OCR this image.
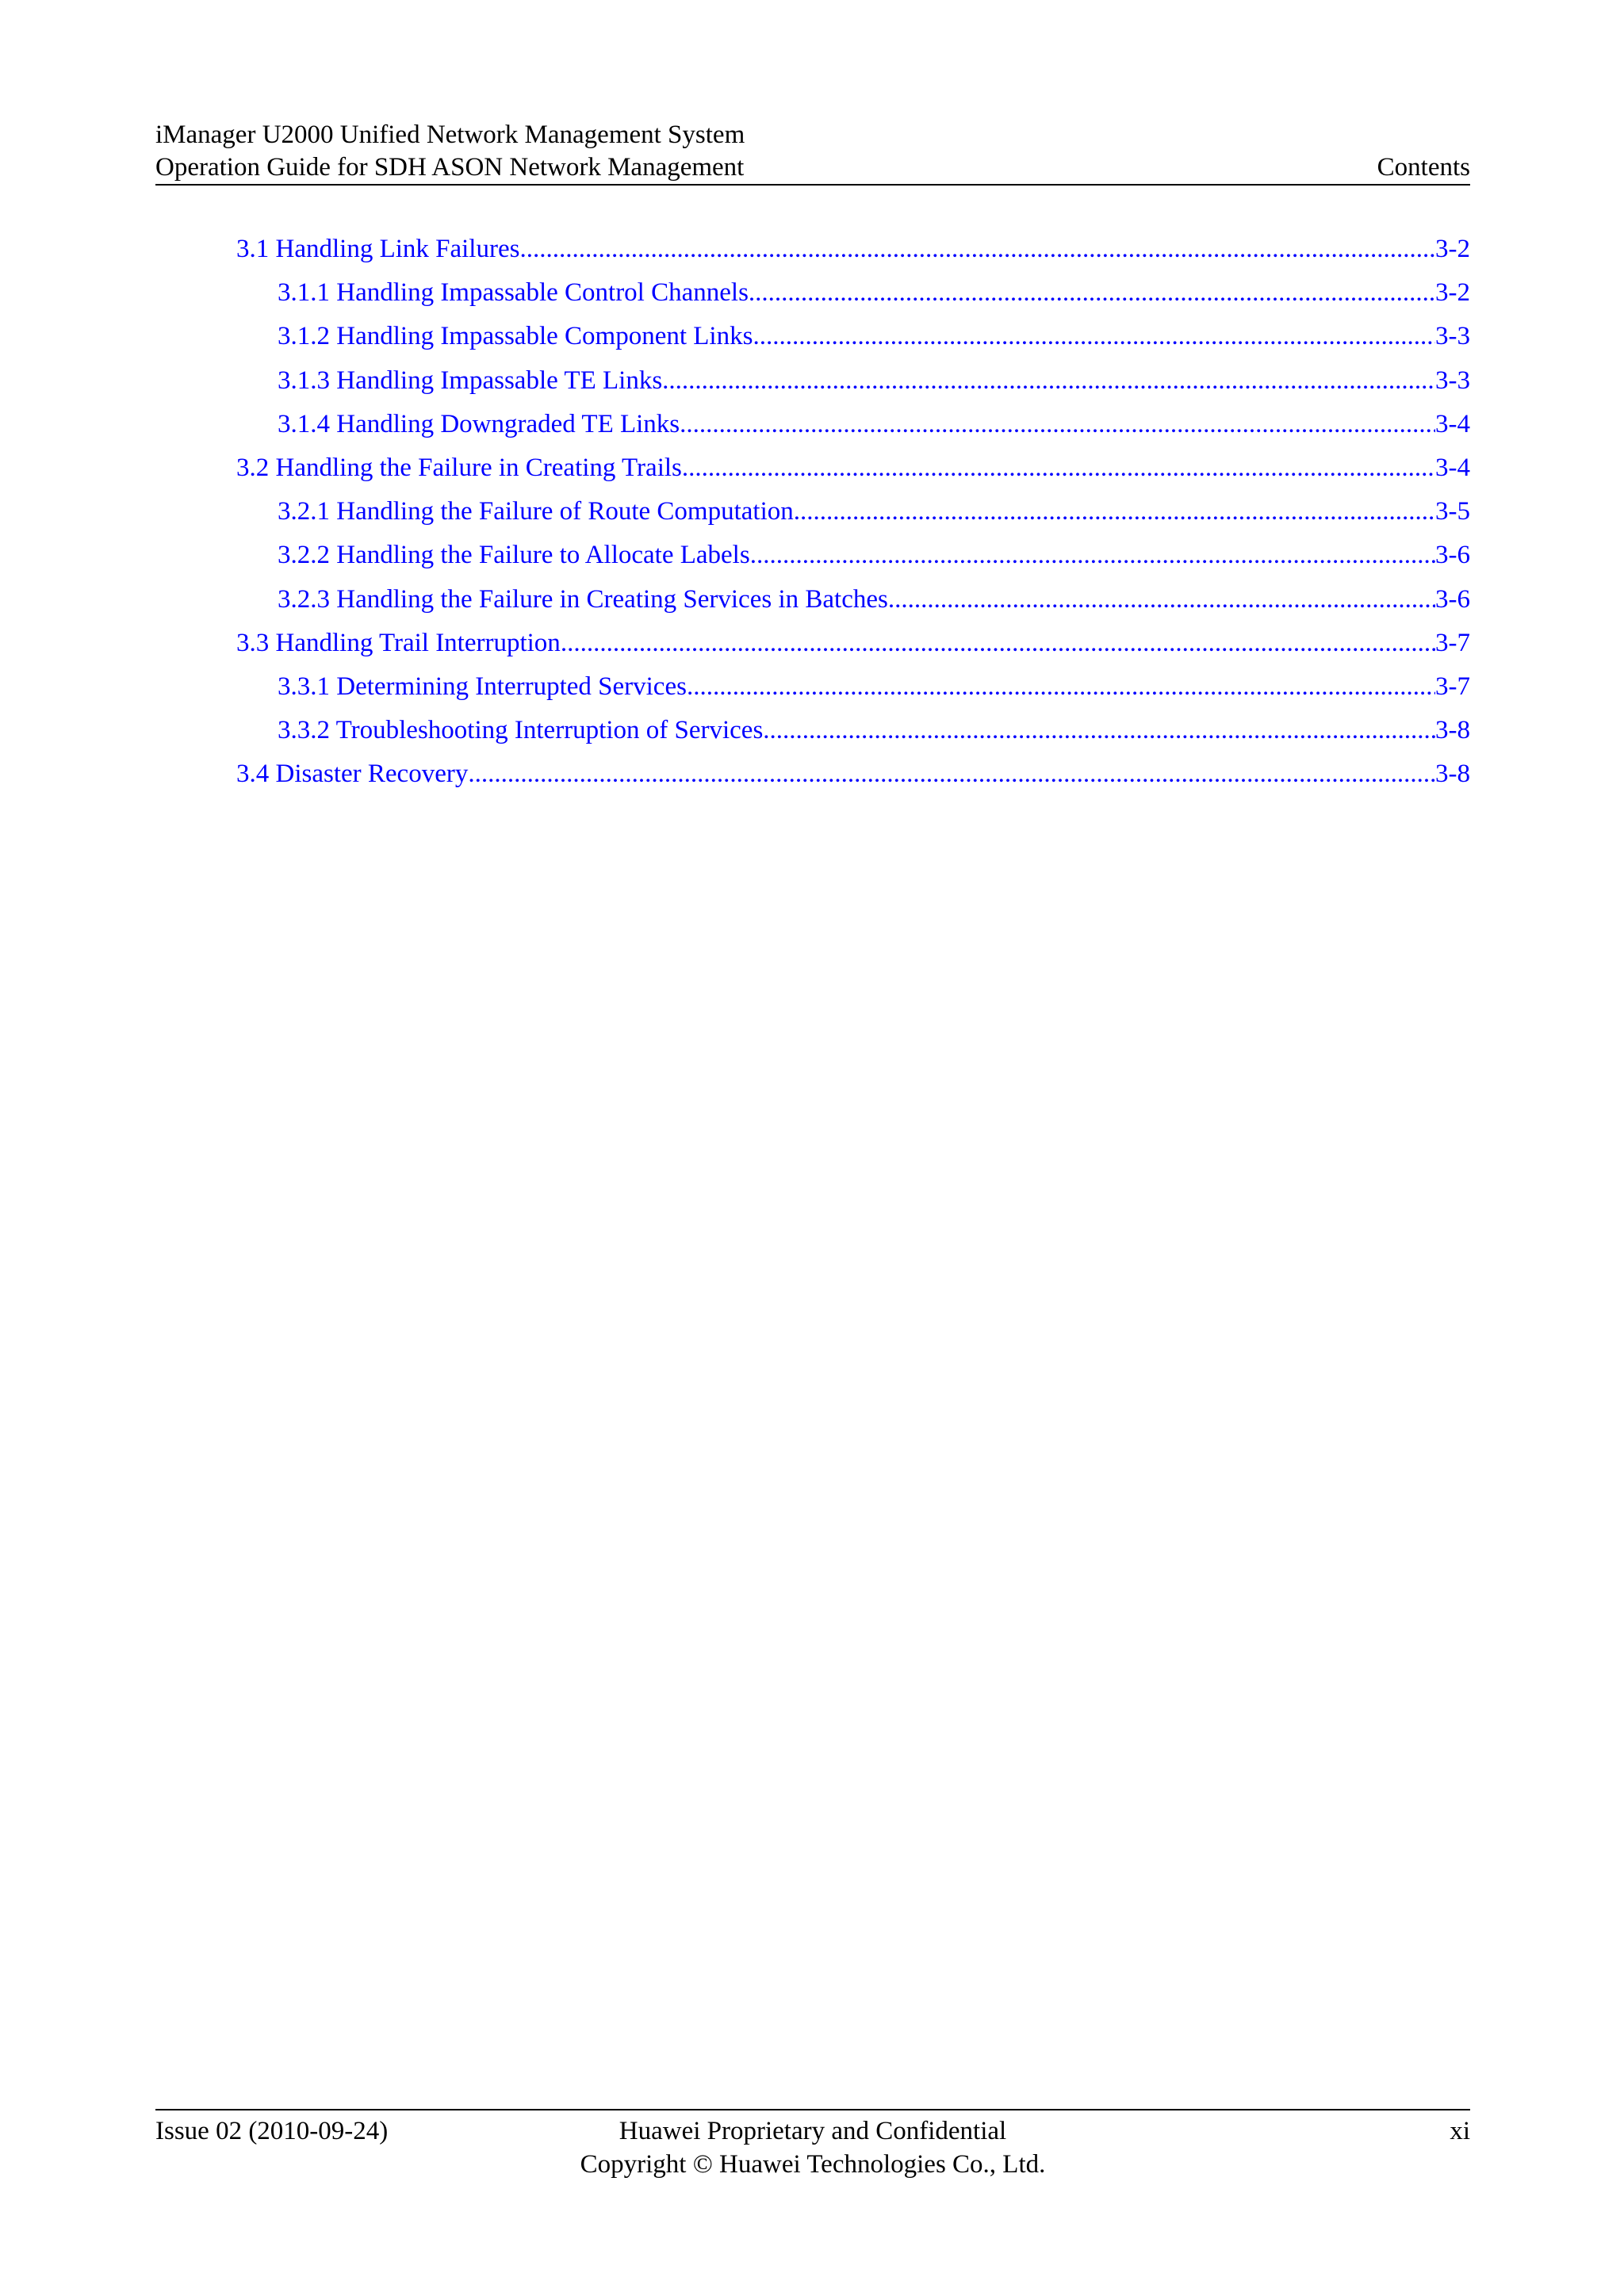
iManager U2000 Unified Network Management System
Operation Guide for SDH ASON Network Management	Contents
3.1 Handling Link Failures .....	3-2
3.1.1 Handling Impassable Control Channels .....	3-2
3.1.2 Handling Impassable Component Links .....	3-3
3.1.3 Handling Impassable TE Links .....	3-3
3.1.4 Handling Downgraded TE Links .....	3-4
3.2 Handling the Failure in Creating Trails .....	3-4
3.2.1 Handling the Failure of Route Computation .....	3-5
3.2.2 Handling the Failure to Allocate Labels .....	3-6
3.2.3 Handling the Failure in Creating Services in Batches .....	3-6
3.3 Handling Trail Interruption .....	3-7
3.3.1 Determining Interrupted Services .....	3-7
3.3.2 Troubleshooting Interruption of Services .....	3-8
3.4 Disaster Recovery .....	3-8
Issue 02 (2010-09-24)	Huawei Proprietary and Confidential
Copyright © Huawei Technologies Co., Ltd.
xi
